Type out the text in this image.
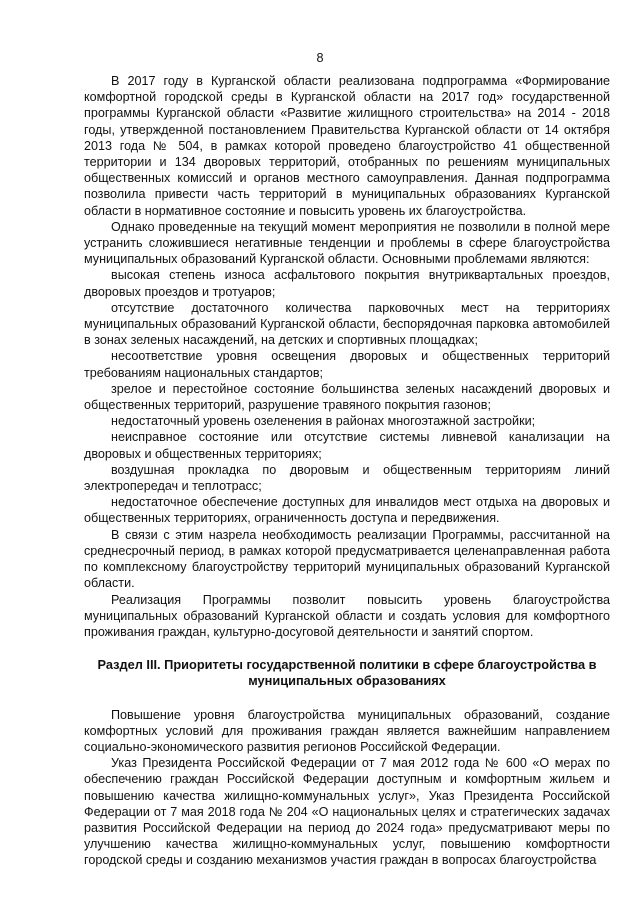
8

В 2017 году в Курганской области реализована подпрограмма «Формирование комфортной городской среды в Курганской области на 2017 год» государственной программы Курганской области «Развитие жилищного строительства» на 2014 - 2018 годы, утвержденной постановлением Правительства Курганской области от 14 октября 2013 года № 504, в рамках которой проведено благоустройство 41 общественной территории и 134 дворовых территорий, отобранных по решениям муниципальных общественных комиссий и органов местного самоуправления. Данная подпрограмма позволила привести часть территорий в муниципальных образованиях Курганской области в нормативное состояние и повысить уровень их благоустройства.

Однако проведенные на текущий момент мероприятия не позволили в полной мере устранить сложившиеся негативные тенденции и проблемы в сфере благоустройства муниципальных образований Курганской области. Основными проблемами являются:

высокая степень износа асфальтового покрытия внутриквартальных проездов, дворовых проездов и тротуаров;

отсутствие достаточного количества парковочных мест на территориях муниципальных образований Курганской области, беспорядочная парковка автомобилей в зонах зеленых насаждений, на детских и спортивных площадках;

несоответствие уровня освещения дворовых и общественных территорий требованиям национальных стандартов;

зрелое и перестойное состояние большинства зеленых насаждений дворовых и общественных территорий, разрушение травяного покрытия газонов;

недостаточный уровень озеленения в районах многоэтажной застройки;

неисправное состояние или отсутствие системы ливневой канализации на дворовых и общественных территориях;

воздушная прокладка по дворовым и общественным территориям линий электропередач и теплотрасс;

недостаточное обеспечение доступных для инвалидов мест отдыха на дворовых и общественных территориях, ограниченность доступа и передвижения.

В связи с этим назрела необходимость реализации Программы, рассчитанной на среднесрочный период, в рамках которой предусматривается целенаправленная работа по комплексному благоустройству территорий муниципальных образований Курганской области.

Реализация Программы позволит повысить уровень благоустройства муниципальных образований Курганской области и создать условия для комфортного проживания граждан, культурно-досуговой деятельности и занятий спортом.

Раздел III. Приоритеты государственной политики в сфере благоустройства в муниципальных образованиях

Повышение уровня благоустройства муниципальных образований, создание комфортных условий для проживания граждан является важнейшим направлением социально-экономического развития регионов Российской Федерации.

Указ Президента Российской Федерации от 7 мая 2012 года № 600 «О мерах по обеспечению граждан Российской Федерации доступным и комфортным жильем и повышению качества жилищно-коммунальных услуг», Указ Президента Российской Федерации от 7 мая 2018 года № 204 «О национальных целях и стратегических задачах развития Российской Федерации на период до 2024 года» предусматривают меры по улучшению качества жилищно-коммунальных услуг, повышению комфортности городской среды и созданию механизмов участия граждан в вопросах благоустройства
